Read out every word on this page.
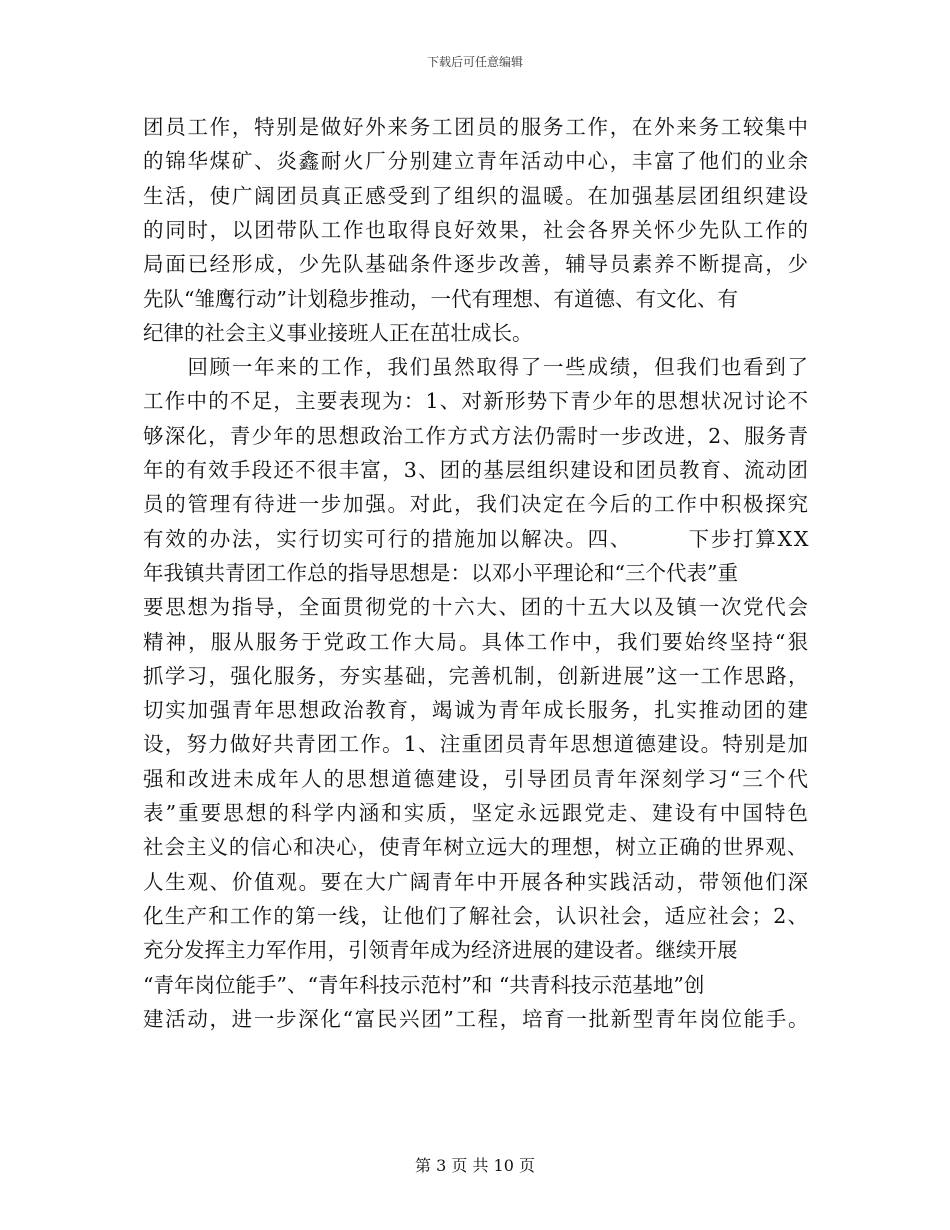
下载后可任意编辑
团员工作，特别是做好外来务工团员的服务工作，在外来务工较集中
的锦华煤矿、炎鑫耐火厂分别建立青年活动中心，丰富了他们的业余
生活，使广阔团员真正感受到了组织的温暖。在加强基层团组织建设
的同时，以团带队工作也取得良好效果，社会各界关怀少先队工作的
局面已经形成，少先队基础条件逐步改善，辅导员素养不断提高，少
先队“雏鹰行动”计划稳步推动，一代有理想、有道德、有文化、有
纪律的社会主义事业接班人正在茁壮成长。
　　回顾一年来的工作，我们虽然取得了一些成绩，但我们也看到了
工作中的不足，主要表现为：1、对新形势下青少年的思想状况讨论不
够深化，青少年的思想政治工作方式方法仍需时一步改进，2、服务青
年的有效手段还不很丰富，3、团的基层组织建设和团员教育、流动团
员的管理有待进一步加强。对此，我们决定在今后的工作中积极探究
有效的办法，实行切实可行的措施加以解决。四、　　　下步打算XX
年我镇共青团工作总的指导思想是：以邓小平理论和“三个代表”重
要思想为指导，全面贯彻党的十六大、团的十五大以及镇一次党代会
精神，服从服务于党政工作大局。具体工作中，我们要始终坚持“狠
抓学习，强化服务，夯实基础，完善机制，创新进展”这一工作思路，
切实加强青年思想政治教育，竭诚为青年成长服务，扎实推动团的建
设，努力做好共青团工作。1、注重团员青年思想道德建设。特别是加
强和改进未成年人的思想道德建设，引导团员青年深刻学习“三个代
表”重要思想的科学内涵和实质，坚定永远跟党走、建设有中国特色
社会主义的信心和决心，使青年树立远大的理想，树立正确的世界观、
人生观、价值观。要在大广阔青年中开展各种实践活动，带领他们深
化生产和工作的第一线，让他们了解社会，认识社会，适应社会；2、
充分发挥主力军作用，引领青年成为经济进展的建设者。继续开展
“青年岗位能手”、“青年科技示范村”和 “共青科技示范基地”创
建活动，进一步深化“富民兴团”工程，培育一批新型青年岗位能手。
第 3 页 共 10 页
